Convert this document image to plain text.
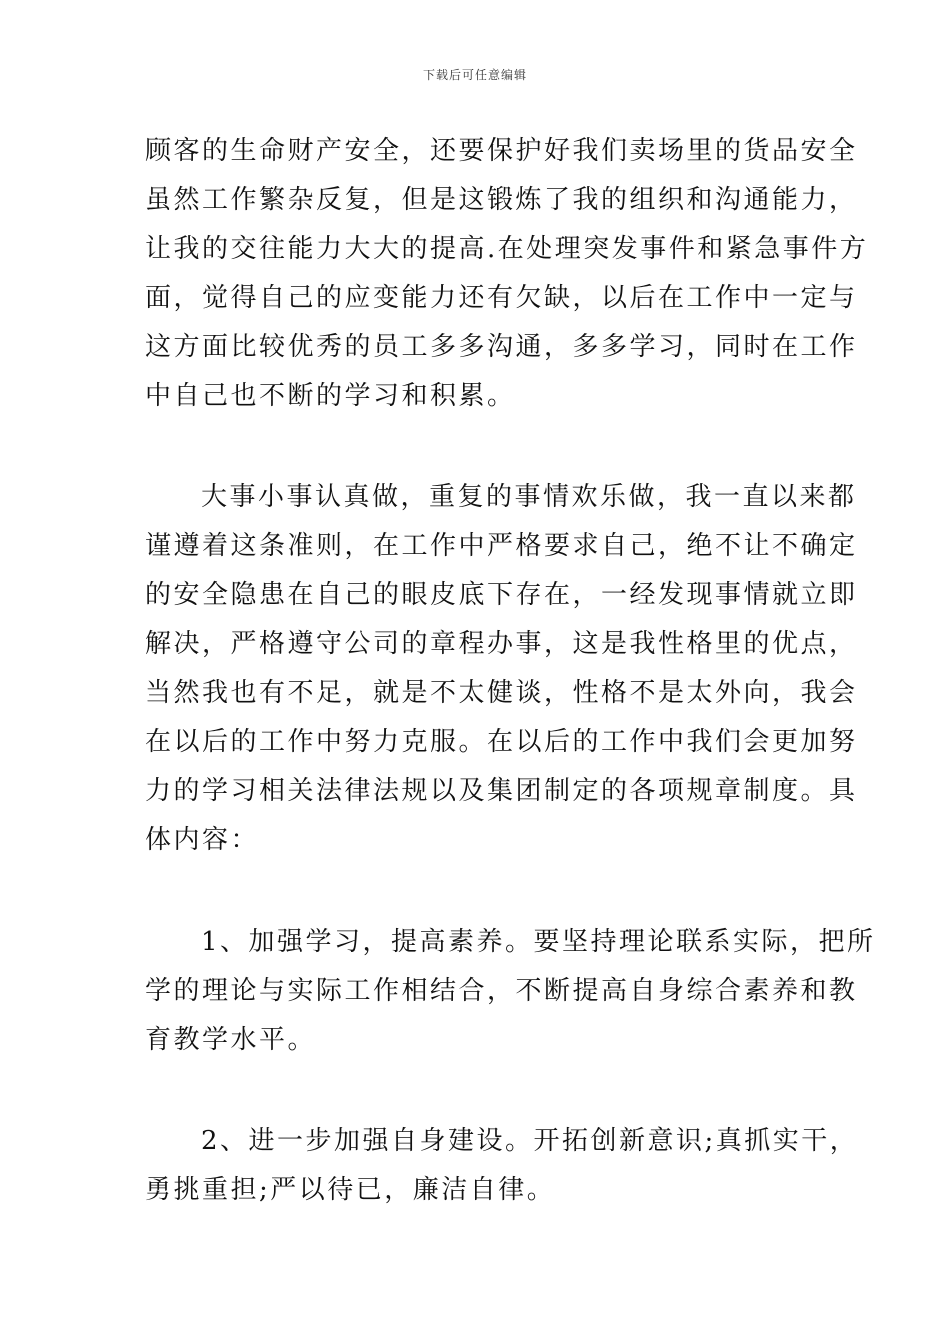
下载后可任意编辑
顾客的生命财产安全，还要保护好我们卖场里的货品安全
虽然工作繁杂反复，但是这锻炼了我的组织和沟通能力，
让我的交往能力大大的提高.在处理突发事件和紧急事件方
面，觉得自己的应变能力还有欠缺，以后在工作中一定与
这方面比较优秀的员工多多沟通，多多学习，同时在工作
中自己也不断的学习和积累。
大事小事认真做，重复的事情欢乐做，我一直以来都
谨遵着这条准则，在工作中严格要求自己，绝不让不确定
的安全隐患在自己的眼皮底下存在，一经发现事情就立即
解决，严格遵守公司的章程办事，这是我性格里的优点，
当然我也有不足，就是不太健谈，性格不是太外向，我会
在以后的工作中努力克服。在以后的工作中我们会更加努
力的学习相关法律法规以及集团制定的各项规章制度。具
体内容：
1、加强学习，提高素养。要坚持理论联系实际，把所
学的理论与实际工作相结合，不断提高自身综合素养和教
育教学水平。
2、进一步加强自身建设。开拓创新意识;真抓实干，
勇挑重担;严以待已，廉洁自律。
